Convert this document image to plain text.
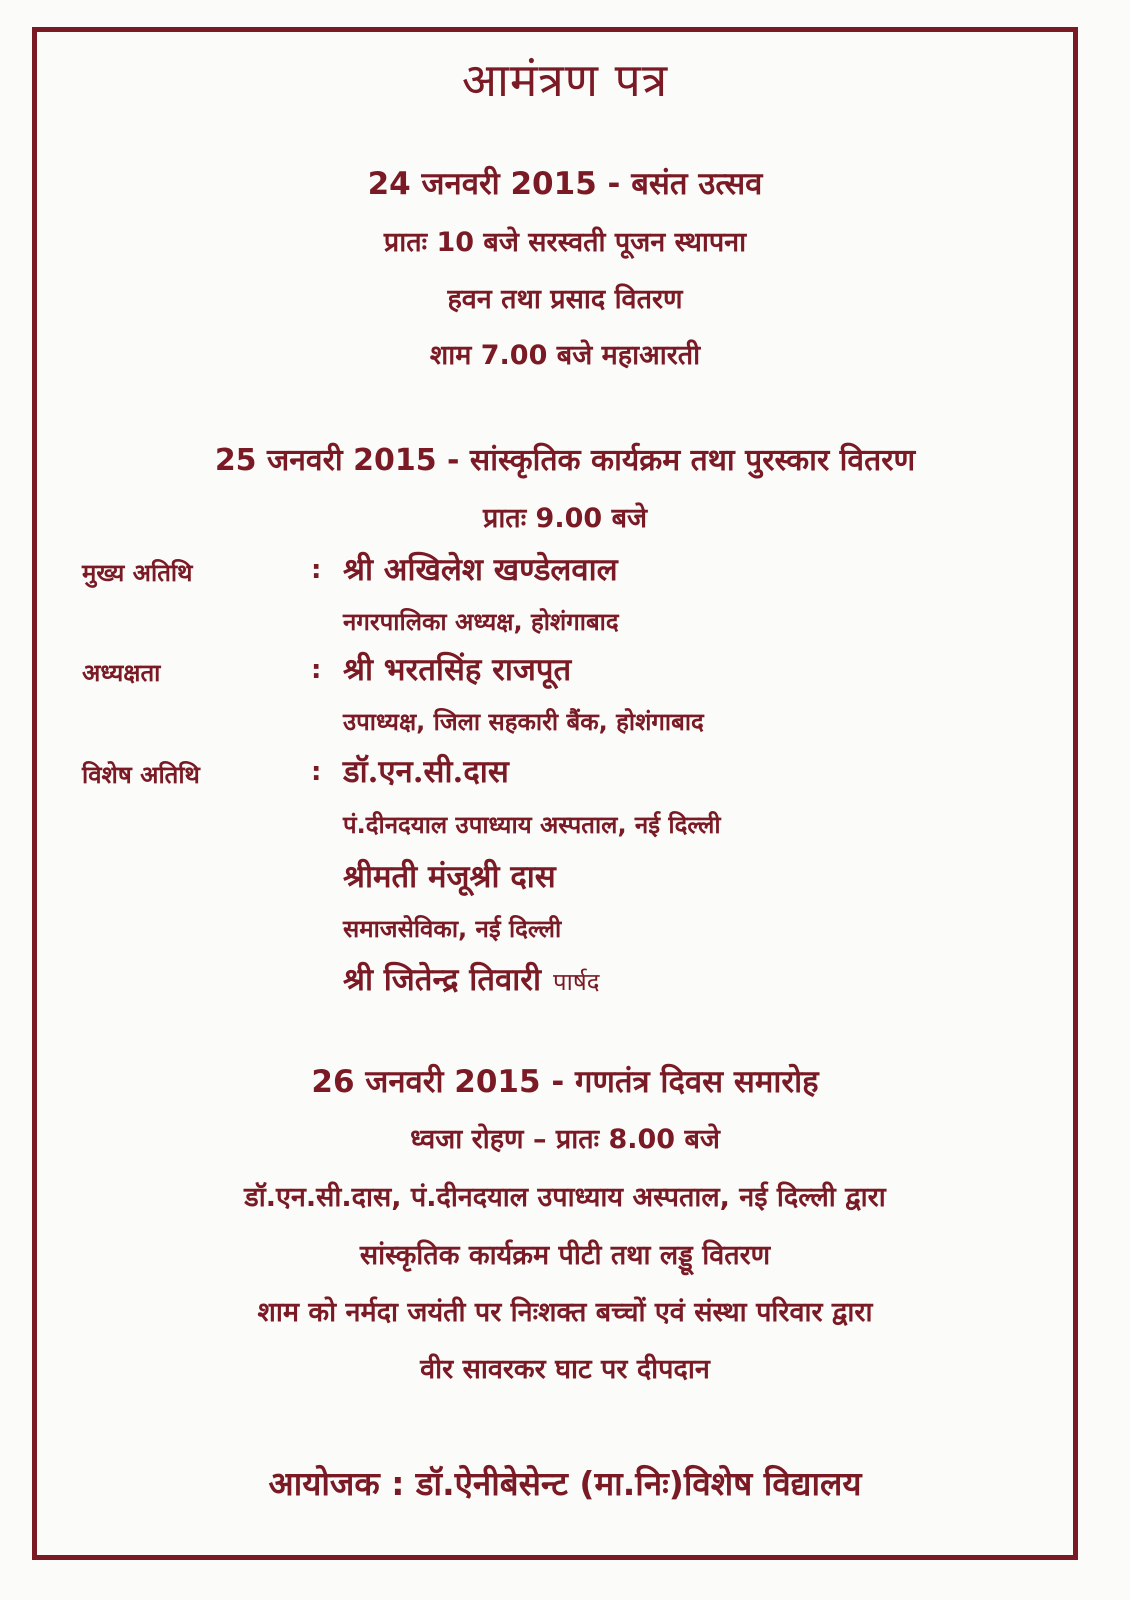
आमंत्रण पत्र
24 जनवरी 2015 - बसंत उत्सव
प्रातः 10 बजे सरस्वती पूजन स्थापना
हवन तथा प्रसाद वितरण
शाम 7.00 बजे महाआरती
25 जनवरी 2015 - सांस्कृतिक कार्यक्रम तथा पुरस्कार वितरण
प्रातः 9.00 बजे
मुख्य अतिथि	: श्री अखिलेश खण्डेलवाल
नगरपालिका अध्यक्ष, होशंगाबाद
अध्यक्षता	: श्री भरतसिंह राजपूत
उपाध्यक्ष, जिला सहकारी बैंक, होशंगाबाद
विशेष अतिथि	: डॉ.एन.सी.दास
पं.दीनदयाल उपाध्याय अस्पताल, नई दिल्ली
श्रीमती मंजूश्री दास
समाजसेविका, नई दिल्ली
श्री जितेन्द्र तिवारी पार्षद
26 जनवरी 2015 - गणतंत्र दिवस समारोह
ध्वजा रोहण – प्रातः 8.00 बजे
डॉ.एन.सी.दास, पं.दीनदयाल उपाध्याय अस्पताल, नई दिल्ली द्वारा
सांस्कृतिक कार्यक्रम पीटी तथा लड्डू वितरण
शाम को नर्मदा जयंती पर निःशक्त बच्चों एवं संस्था परिवार द्वारा
वीर सावरकर घाट पर दीपदान
आयोजक : डॉ.ऐनीबेसेन्ट (मा.निः)विशेष विद्यालय
